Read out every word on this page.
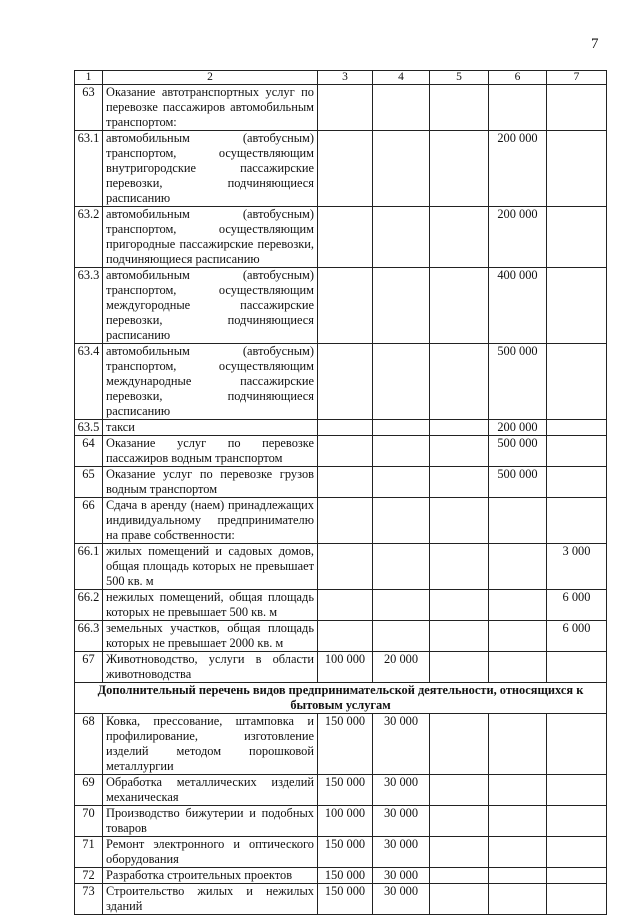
7
1	2	3	4	5	6	7
63	Оказание автотранспортных услуг по перевозке пассажиров автомобильным транспортом:					
63.1	автомобильным (автобусным) транспортом, осуществляющим внутригородские пассажирские перевозки, подчиняющиеся расписанию				200 000	
63.2	автомобильным (автобусным) транспортом, осуществляющим пригородные пассажирские перевозки, подчиняющиеся расписанию				200 000	
63.3	автомобильным (автобусным) транспортом, осуществляющим междугородные пассажирские перевозки, подчиняющиеся расписанию				400 000	
63.4	автомобильным (автобусным) транспортом, осуществляющим международные пассажирские перевозки, подчиняющиеся расписанию				500 000	
63.5	такси				200 000	
64	Оказание услуг по перевозке пассажиров водным транспортом				500 000	
65	Оказание услуг по перевозке грузов водным транспортом				500 000	
66	Сдача в аренду (наем) принадлежащих индивидуальному предпринимателю на праве собственности:					
66.1	жилых помещений и садовых домов, общая площадь которых не превышает 500 кв. м					3 000
66.2	нежилых помещений, общая площадь которых не превышает 500 кв. м					6 000
66.3	земельных участков, общая площадь которых не превышает 2000 кв. м					6 000
67	Животноводство, услуги в области животноводства	100 000	20 000			
Дополнительный перечень видов предпринимательской деятельности, относящихся к бытовым услугам						
68	Ковка, прессование, штамповка и профилирование, изготовление изделий методом порошковой металлургии	150 000	30 000			
69	Обработка металлических изделий механическая	150 000	30 000			
70	Производство бижутерии и подобных товаров	100 000	30 000			
71	Ремонт электронного и оптического оборудования	150 000	30 000			
72	Разработка строительных проектов	150 000	30 000			
73	Строительство жилых и нежилых зданий	150 000	30 000			
